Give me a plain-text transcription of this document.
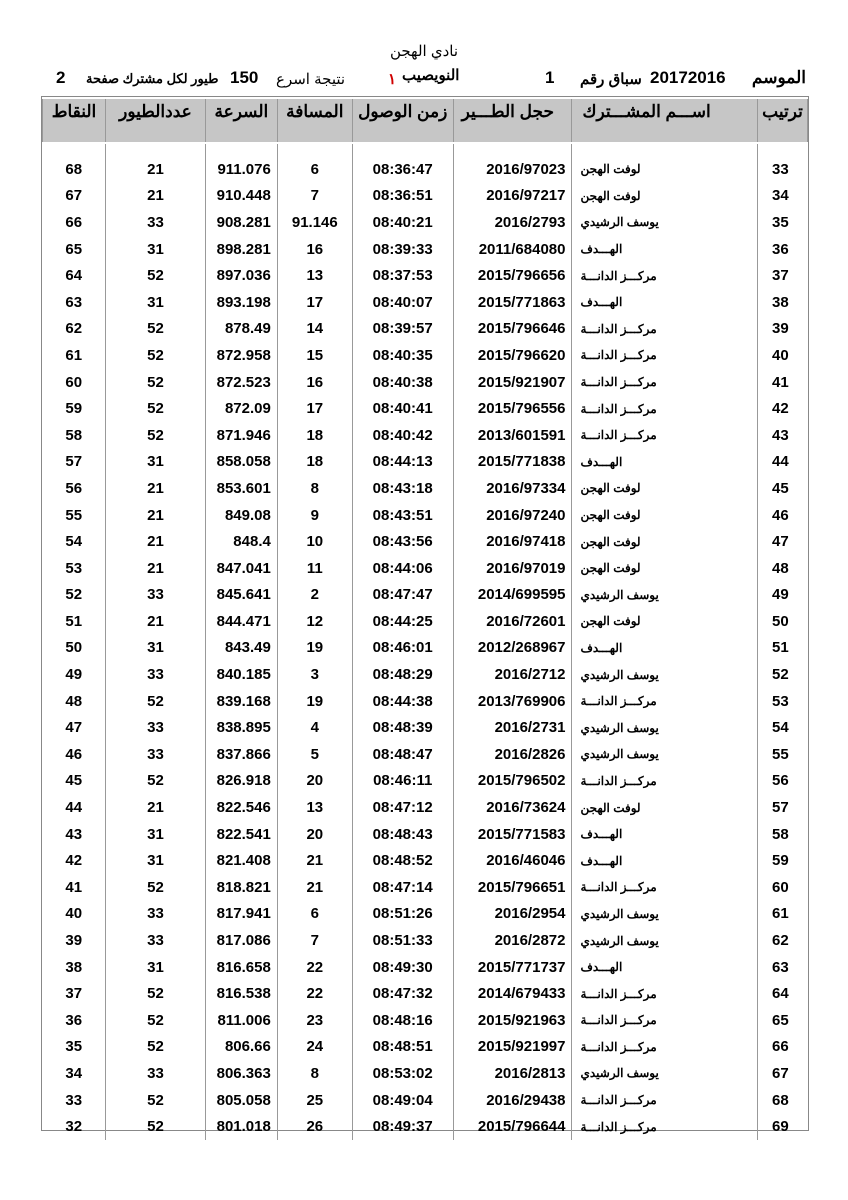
نادي الهجن
الموسم
20172016
سباق رقم
1
النويصيب
١
نتيجة اسرع
150
طيور لكل مشترك صفحة
2
ترتيب	اســـم المشـــترك	حجل الطـــير	زمن الوصول	المسافة	السرعة	عددالطيور	النقاط

33	لوفت الهجن	2016/97023	08:36:47	6	911.076	21	68
34	لوفت الهجن	2016/97217	08:36:51	7	910.448	21	67
35	يوسف الرشيدي	2016/2793	08:40:21	91.146	908.281	33	66
36	الهـــدف	2011/684080	08:39:33	16	898.281	31	65
37	مركـــز الدانـــة	2015/796656	08:37:53	13	897.036	52	64
38	الهـــدف	2015/771863	08:40:07	17	893.198	31	63
39	مركـــز الدانـــة	2015/796646	08:39:57	14	878.49	52	62
40	مركـــز الدانـــة	2015/796620	08:40:35	15	872.958	52	61
41	مركـــز الدانـــة	2015/921907	08:40:38	16	872.523	52	60
42	مركـــز الدانـــة	2015/796556	08:40:41	17	872.09	52	59
43	مركـــز الدانـــة	2013/601591	08:40:42	18	871.946	52	58
44	الهـــدف	2015/771838	08:44:13	18	858.058	31	57
45	لوفت الهجن	2016/97334	08:43:18	8	853.601	21	56
46	لوفت الهجن	2016/97240	08:43:51	9	849.08	21	55
47	لوفت الهجن	2016/97418	08:43:56	10	848.4	21	54
48	لوفت الهجن	2016/97019	08:44:06	11	847.041	21	53
49	يوسف الرشيدي	2014/699595	08:47:47	2	845.641	33	52
50	لوفت الهجن	2016/72601	08:44:25	12	844.471	21	51
51	الهـــدف	2012/268967	08:46:01	19	843.49	31	50
52	يوسف الرشيدي	2016/2712	08:48:29	3	840.185	33	49
53	مركـــز الدانـــة	2013/769906	08:44:38	19	839.168	52	48
54	يوسف الرشيدي	2016/2731	08:48:39	4	838.895	33	47
55	يوسف الرشيدي	2016/2826	08:48:47	5	837.866	33	46
56	مركـــز الدانـــة	2015/796502	08:46:11	20	826.918	52	45
57	لوفت الهجن	2016/73624	08:47:12	13	822.546	21	44
58	الهـــدف	2015/771583	08:48:43	20	822.541	31	43
59	الهـــدف	2016/46046	08:48:52	21	821.408	31	42
60	مركـــز الدانـــة	2015/796651	08:47:14	21	818.821	52	41
61	يوسف الرشيدي	2016/2954	08:51:26	6	817.941	33	40
62	يوسف الرشيدي	2016/2872	08:51:33	7	817.086	33	39
63	الهـــدف	2015/771737	08:49:30	22	816.658	31	38
64	مركـــز الدانـــة	2014/679433	08:47:32	22	816.538	52	37
65	مركـــز الدانـــة	2015/921963	08:48:16	23	811.006	52	36
66	مركـــز الدانـــة	2015/921997	08:48:51	24	806.66	52	35
67	يوسف الرشيدي	2016/2813	08:53:02	8	806.363	33	34
68	مركـــز الدانـــة	2016/29438	08:49:04	25	805.058	52	33
69	مركـــز الدانـــة	2015/796644	08:49:37	26	801.018	52	32
